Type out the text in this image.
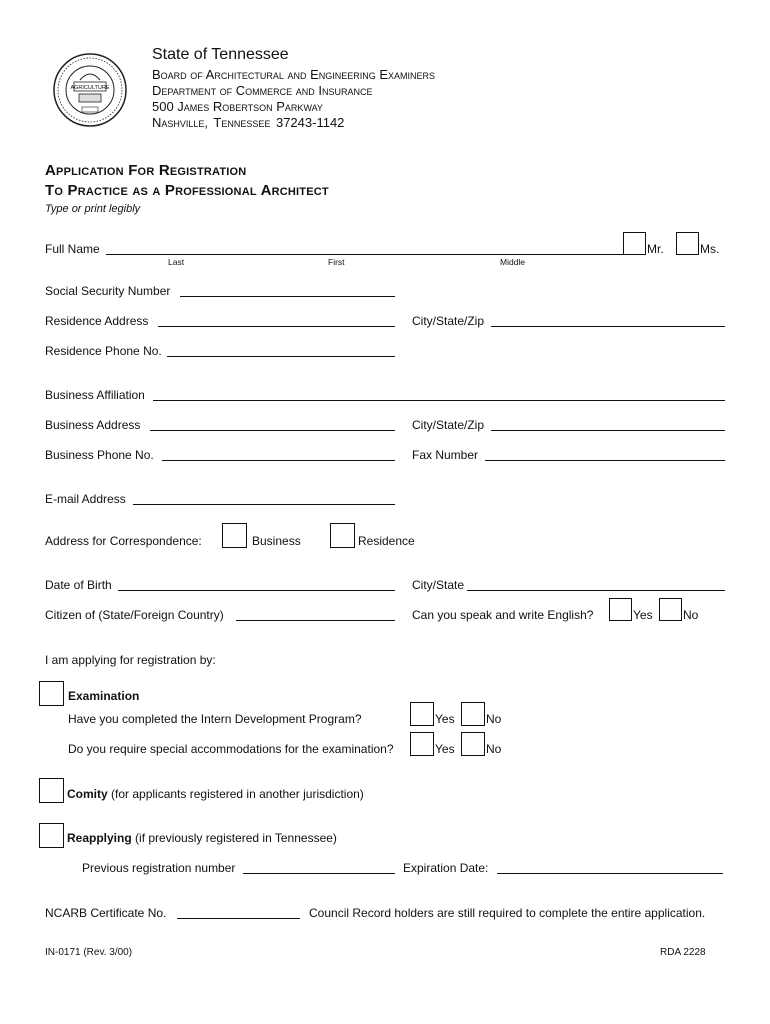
AGRICULTURE
State of Tennessee
Board of Architectural and Engineering Examiners
Department of Commerce and Insurance
500 James Robertson Parkway
Nashville, Tennessee 37243-1142
Application For Registration
To Practice as a Professional Architect
Type or print legibly
Full Name
Last	First	Middle
Mr.	Ms.
Social Security Number
Residence Address	City/State/Zip
Residence Phone No.
Business Affiliation
Business Address	City/State/Zip
Business Phone No.	Fax Number
E-mail Address
Address for Correspondence:	Business	Residence
Date of Birth	City/State
Citizen of (State/Foreign Country)	Can you speak and write English?	Yes	No
I am applying for registration by:
Examination
Have you completed the Intern Development Program?	Yes	No
Do you require special accommodations for the examination?	Yes	No
Comity (for applicants registered in another jurisdiction)
Reapplying (if previously registered in Tennessee)
Previous registration number	Expiration Date:
NCARB Certificate No.	Council Record holders are still required to complete the entire application.
IN-0171 (Rev. 3/00)	RDA 2228
